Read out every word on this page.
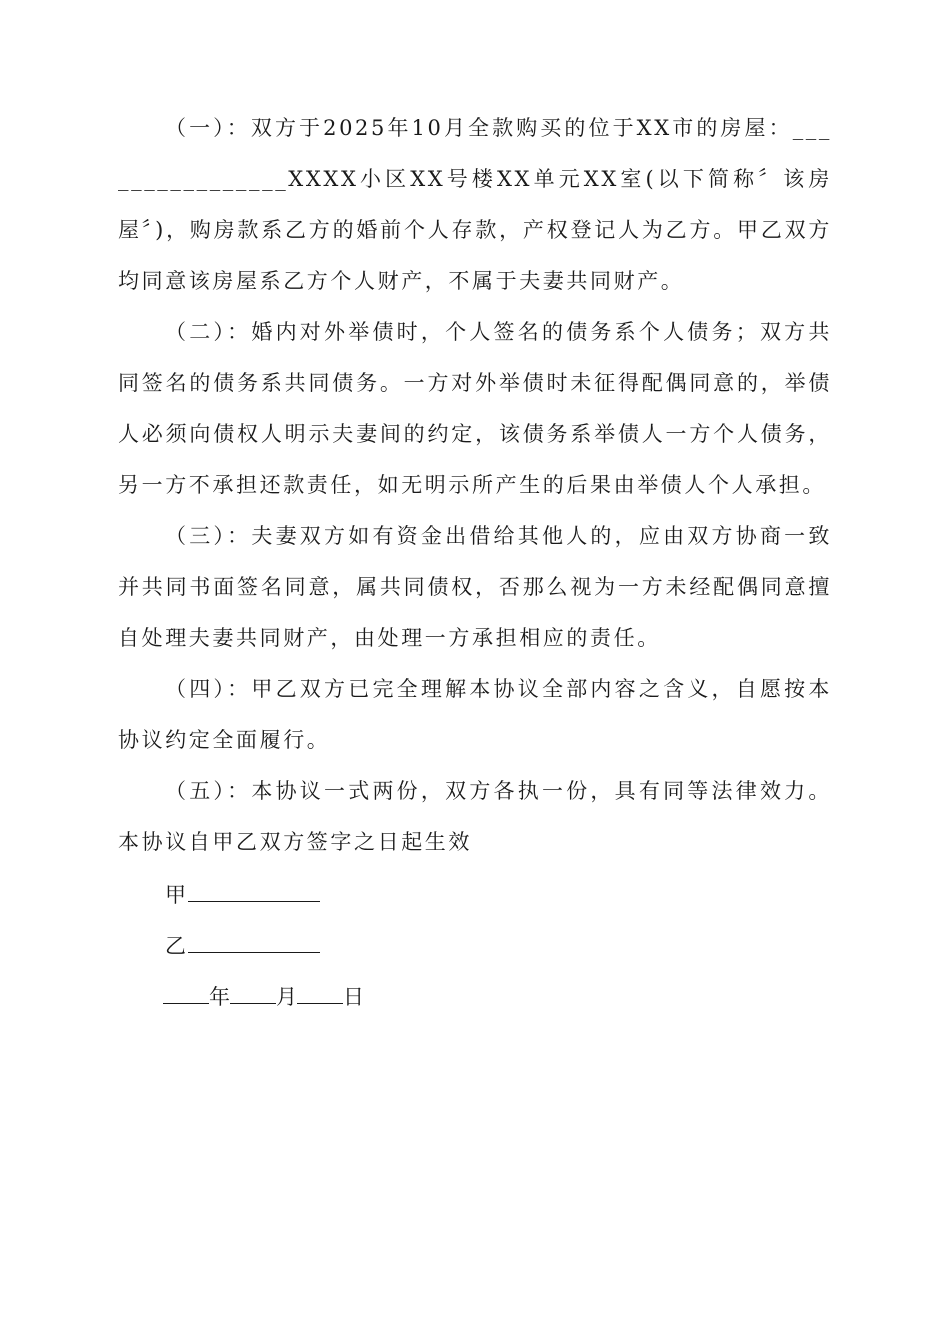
（一）：双方于2025年10月全款购买的位于XX市的房屋：________________XXXX小区XX号楼XX单元XX室(以下简称〞该房屋〞)，购房款系乙方的婚前个人存款，产权登记人为乙方。甲乙双方均同意该房屋系乙方个人财产，不属于夫妻共同财产。

（二）：婚内对外举债时，个人签名的债务系个人债务；双方共同签名的债务系共同债务。一方对外举债时未征得配偶同意的，举债人必须向债权人明示夫妻间的约定，该债务系举债人一方个人债务，另一方不承担还款责任，如无明示所产生的后果由举债人个人承担。

（三）：夫妻双方如有资金出借给其他人的，应由双方协商一致并共同书面签名同意，属共同债权，否那么视为一方未经配偶同意擅自处理夫妻共同财产，由处理一方承担相应的责任。

（四）：甲乙双方已完全理解本协议全部内容之含义，自愿按本协议约定全面履行。

（五）：本协议一式两份，双方各执一份，具有同等法律效力。本协议自甲乙双方签字之日起生效

甲
乙
年 月 日
